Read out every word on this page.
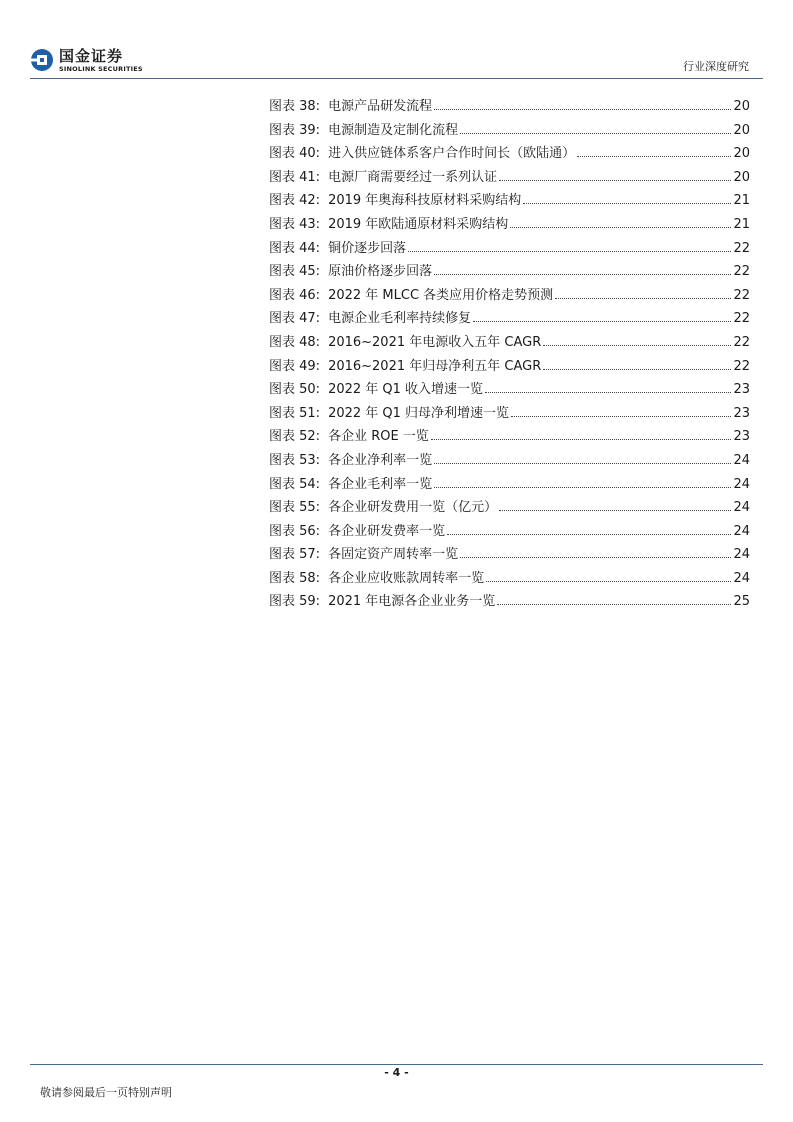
国金证券
SINOLINK SECURITIES	行业深度研究
图表 38: 电源产品研发流程	20
图表 39: 电源制造及定制化流程	20
图表 40: 进入供应链体系客户合作时间长（欧陆通）	20
图表 41: 电源厂商需要经过一系列认证	20
图表 42: 2019 年奥海科技原材料采购结构	21
图表 43: 2019 年欧陆通原材料采购结构	21
图表 44: 铜价逐步回落	22
图表 45: 原油价格逐步回落	22
图表 46: 2022 年 MLCC 各类应用价格走势预测	22
图表 47: 电源企业毛利率持续修复	22
图表 48: 2016~2021 年电源收入五年 CAGR	22
图表 49: 2016~2021 年归母净利五年 CAGR	22
图表 50: 2022 年 Q1 收入增速一览	23
图表 51: 2022 年 Q1 归母净利增速一览	23
图表 52: 各企业 ROE 一览	23
图表 53: 各企业净利率一览	24
图表 54: 各企业毛利率一览	24
图表 55: 各企业研发费用一览（亿元）	24
图表 56: 各企业研发费率一览	24
图表 57: 各固定资产周转率一览	24
图表 58: 各企业应收账款周转率一览	24
图表 59: 2021 年电源各企业业务一览	25
- 4 -
敬请参阅最后一页特别声明
